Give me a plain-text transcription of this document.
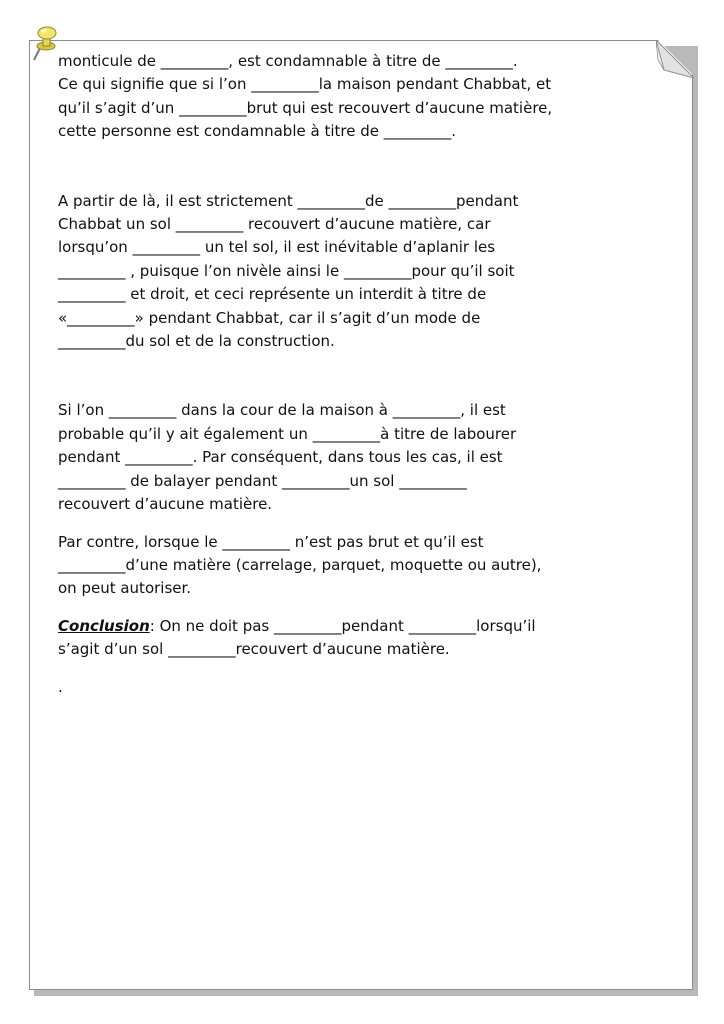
monticule de _________, est condamnable à titre de _________.

Ce qui signifie que si l’on _________la maison pendant Chabbat, et

qu’il s’agit d’un _________brut qui est recouvert d’aucune matière,

cette personne est condamnable à titre de _________.

A partir de là, il est strictement _________de _________pendant

Chabbat un sol _________ recouvert d’aucune matière, car

lorsqu’on _________ un tel sol, il est inévitable d’aplanir les

_________ , puisque l’on nivèle ainsi le _________pour qu’il soit

_________ et droit, et ceci représente un interdit à titre de

«_________» pendant Chabbat, car il s’agit d’un mode de

_________du sol et de la construction.

Si l’on _________ dans la cour de la maison à _________, il est

probable qu’il y ait également un _________à titre de labourer

pendant _________. Par conséquent, dans tous les cas, il est

_________ de balayer pendant _________un sol _________

recouvert d’aucune matière.

Par contre, lorsque le _________ n’est pas brut et qu’il est

_________d’une matière (carrelage, parquet, moquette ou autre),

on peut autoriser.

Conclusion: On ne doit pas _________pendant _________lorsqu’il

s’agit d’un sol _________recouvert d’aucune matière.

.
